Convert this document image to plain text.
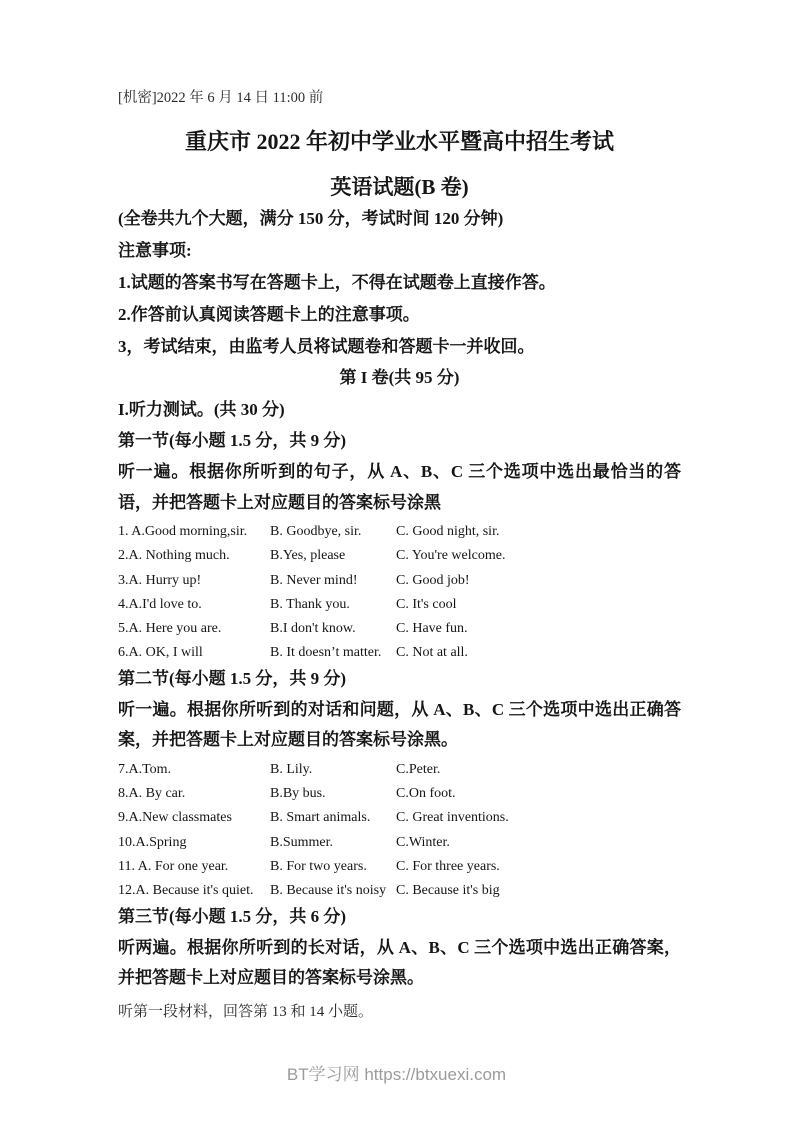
[机密]2022 年 6 月 14 日 11:00 前
重庆市 2022 年初中学业水平暨高中招生考试
英语试题(B 卷)
(全卷共九个大题，满分 150 分，考试时间 120 分钟)
注意事项:
1.试题的答案书写在答题卡上，不得在试题卷上直接作答。
2.作答前认真阅读答题卡上的注意事项。
3，考试结束，由监考人员将试题卷和答题卡一并收回。
第 I 卷(共 95 分)
I.听力测试。(共 30 分)
第一节(每小题 1.5 分，共 9 分)
听一遍。根据你所听到的句子，从 A、B、C 三个选项中选出最恰当的答语，并把答题卡上对应题目的答案标号涂黑
1. A.Good morning,sir.	B. Goodbye, sir.	C. Good night, sir.
2.A. Nothing much.	B.Yes, please	C. You're welcome.
3.A. Hurry up!	B. Never mind!	C. Good job!
4.A.I'd love to.	B. Thank you.	C. It's cool
5.A. Here you are.	B.I don't know.	C. Have fun.
6.A. OK, I will	B. It doesn’t matter.	C. Not at all.
第二节(每小题 1.5 分，共 9 分)
听一遍。根据你所听到的对话和问题，从 A、B、C 三个选项中选出正确答案，并把答题卡上对应题目的答案标号涂黑。
7.A.Tom.	B. Lily.	C.Peter.
8.A. By car.	B.By bus.	C.On foot.
9.A.New classmates	B. Smart animals.	C. Great inventions.
10.A.Spring	B.Summer.	C.Winter.
11. A. For one year.	B. For two years.	C. For three years.
12.A. Because it's quiet.	B. Because it's noisy C. Because it's big
第三节(每小题 1.5 分，共 6 分)
听两遍。根据你所听到的长对话，从 A、B、C 三个选项中选出正确答案，并把答题卡上对应题目的答案标号涂黑。
听第一段材料，回答第 13 和 14 小题。
BT学习网 https://btxuexi.com
